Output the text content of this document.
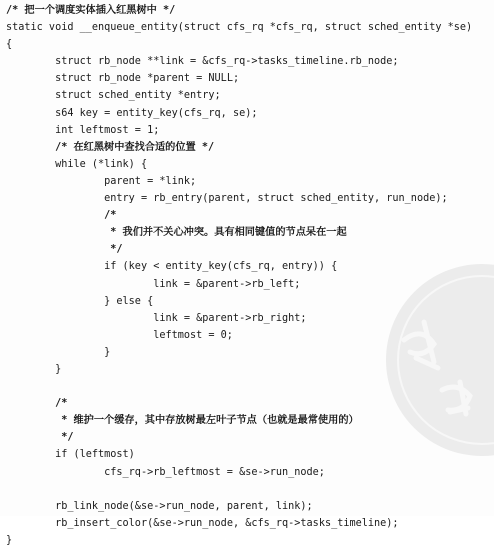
/* 把一个调度实体插入红黑树中 */
static void __enqueue_entity(struct cfs_rq *cfs_rq, struct sched_entity *se)
{
struct rb_node **link = &cfs_rq->tasks_timeline.rb_node;
struct rb_node *parent = NULL;
struct sched_entity *entry;
s64 key = entity_key(cfs_rq, se);
int leftmost = 1;
/* 在红黑树中查找合适的位置 */
while (*link) {
parent = *link;
entry = rb_entry(parent, struct sched_entity, run_node);
/*
* 我们并不关心冲突。具有相同键值的节点呆在一起
*/
if (key < entity_key(cfs_rq, entry)) {
link = &parent->rb_left;
} else {
link = &parent->rb_right;
leftmost = 0;
}
}
/*
* 维护一个缓存，其中存放树最左叶子节点（也就是最常使用的）
*/
if (leftmost)
cfs_rq->rb_leftmost = &se->run_node;
rb_link_node(&se->run_node, parent, link);
rb_insert_color(&se->run_node, &cfs_rq->tasks_timeline);
}
